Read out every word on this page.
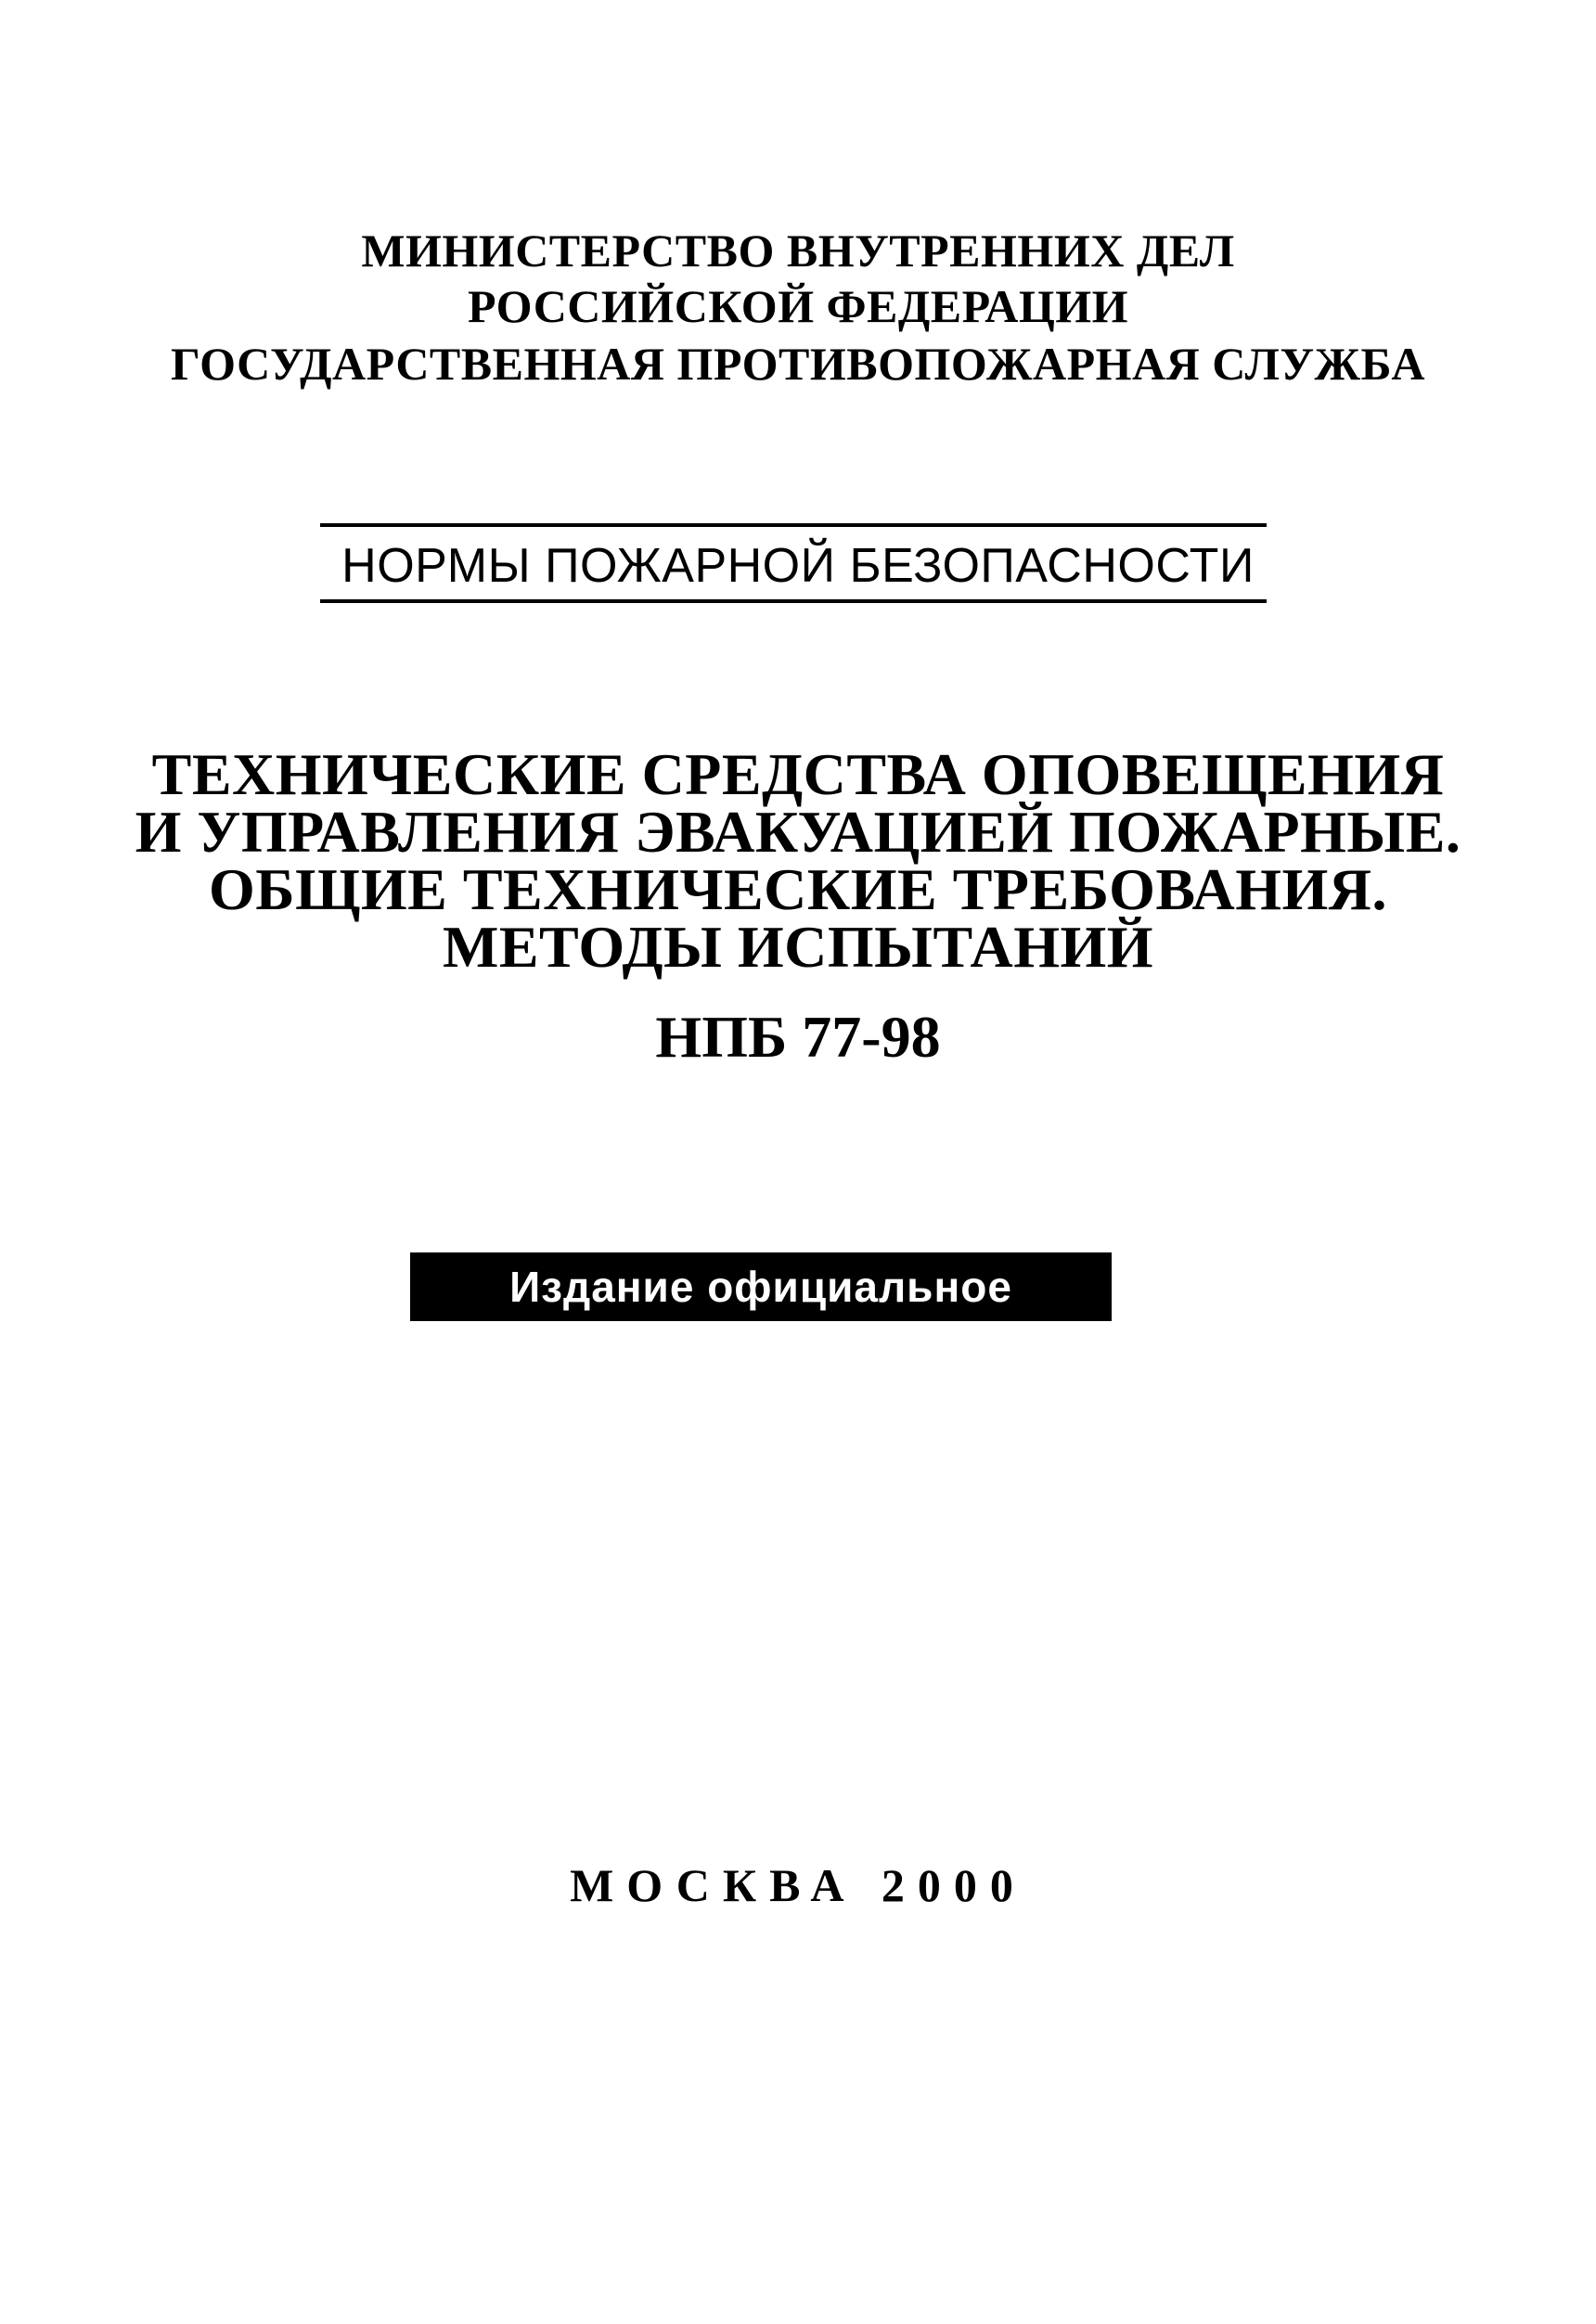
МИНИСТЕРСТВО ВНУТРЕННИХ ДЕЛ
РОССИЙСКОЙ ФЕДЕРАЦИИ
ГОСУДАРСТВЕННАЯ ПРОТИВОПОЖАРНАЯ СЛУЖБА
НОРМЫ ПОЖАРНОЙ БЕЗОПАСНОСТИ
ТЕХНИЧЕСКИЕ СРЕДСТВА ОПОВЕЩЕНИЯ
И УПРАВЛЕНИЯ ЭВАКУАЦИЕЙ ПОЖАРНЫЕ.
ОБЩИЕ ТЕХНИЧЕСКИЕ ТРЕБОВАНИЯ.
МЕТОДЫ ИСПЫТАНИЙ
НПБ 77-98
Издание официальное
МОСКВА 2000
